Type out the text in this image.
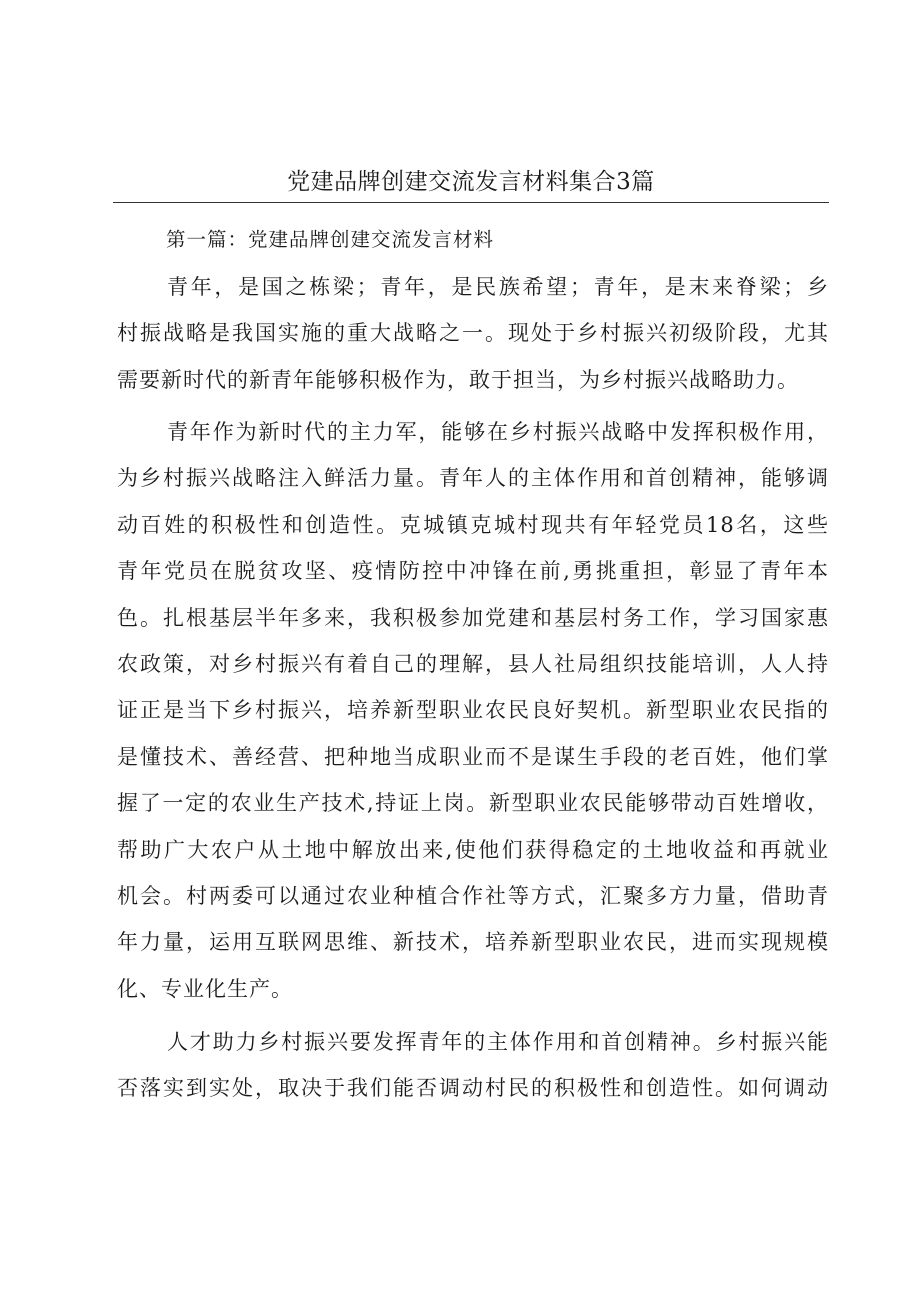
党建品牌创建交流发言材料集合3篇
第一篇：党建品牌创建交流发言材料
青年，是国之栋梁；青年，是民族希望；青年，是末来脊梁；乡
村振战略是我国实施的重大战略之一。现处于乡村振兴初级阶段，尤其
需要新时代的新青年能够积极作为，敢于担当，为乡村振兴战略助力。
青年作为新时代的主力军，能够在乡村振兴战略中发挥积极作用，
为乡村振兴战略注入鲜活力量。青年人的主体作用和首创精神，能够调
动百姓的积极性和创造性。克城镇克城村现共有年轻党员18名，这些
青年党员在脱贫攻坚、疫情防控中冲锋在前,勇挑重担，彰显了青年本
色。扎根基层半年多来，我积极参加党建和基层村务工作，学习国家惠
农政策，对乡村振兴有着自己的理解，县人社局组织技能培训，人人持
证正是当下乡村振兴，培养新型职业农民良好契机。新型职业农民指的
是懂技术、善经营、把种地当成职业而不是谋生手段的老百姓，他们掌
握了一定的农业生产技术,持证上岗。新型职业农民能够带动百姓增收，
帮助广大农户从土地中解放出来,使他们获得稳定的土地收益和再就业
机会。村两委可以通过农业种植合作社等方式，汇聚多方力量，借助青
年力量，运用互联网思维、新技术，培养新型职业农民，进而实现规模
化、专业化生产。
人才助力乡村振兴要发挥青年的主体作用和首创精神。乡村振兴能
否落实到实处，取决于我们能否调动村民的积极性和创造性。如何调动
